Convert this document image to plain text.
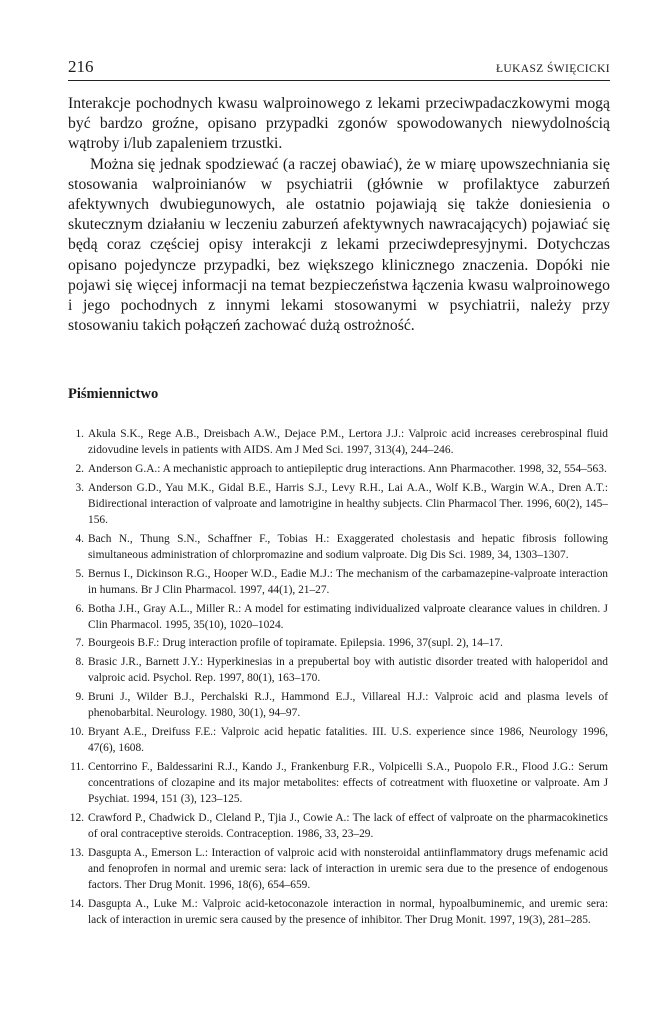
216	ŁUKASZ ŚWIĘCICKI

Interakcje pochodnych kwasu walproinowego z lekami przeciwpadaczkowymi mogą być bardzo groźne, opisano przypadki zgonów spowodowanych niewydolnością wątroby i/lub zapaleniem trzustki.

Można się jednak spodziewać (a raczej obawiać), że w miarę upowszechniania się stosowania walproinianów w psychiatrii (głównie w profilaktyce zaburzeń afektywnych dwubiegunowych, ale ostatnio pojawiają się także doniesienia o skutecznym działaniu w leczeniu zaburzeń afektywnych nawracających) pojawiać się będą coraz częściej opisy interakcji z lekami przeciwdepresyjnymi. Dotychczas opisano pojedyncze przypadki, bez większego klinicznego znaczenia. Dopóki nie pojawi się więcej informacji na temat bezpieczeństwa łączenia kwasu walproinowego i jego pochodnych z innymi lekami stosowanymi w psychiatrii, należy przy stosowaniu takich połączeń zachować dużą ostrożność.

Piśmiennictwo
1. Akula S.K., Rege A.B., Dreisbach A.W., Dejace P.M., Lertora J.J.: Valproic acid increases cerebrospinal fluid zidovudine levels in patients with AIDS. Am J Med Sci. 1997, 313(4), 244–246.
2. Anderson G.A.: A mechanistic approach to antiepileptic drug interactions. Ann Pharmacother. 1998, 32, 554–563.
3. Anderson G.D., Yau M.K., Gidal B.E., Harris S.J., Levy R.H., Lai A.A., Wolf K.B., Wargin W.A., Dren A.T.: Bidirectional interaction of valproate and lamotrigine in healthy subjects. Clin Pharmacol Ther. 1996, 60(2), 145–156.
4. Bach N., Thung S.N., Schaffner F., Tobias H.: Exaggerated cholestasis and hepatic fibrosis following simultaneous administration of chlorpromazine and sodium valproate. Dig Dis Sci. 1989, 34, 1303–1307.
5. Bernus I., Dickinson R.G., Hooper W.D., Eadie M.J.: The mechanism of the carbamazepine-valproate interaction in humans. Br J Clin Pharmacol. 1997, 44(1), 21–27.
6. Botha J.H., Gray A.L., Miller R.: A model for estimating individualized valproate clearance values in children. J Clin Pharmacol. 1995, 35(10), 1020–1024.
7. Bourgeois B.F.: Drug interaction profile of topiramate. Epilepsia. 1996, 37(supl. 2), 14–17.
8. Brasic J.R., Barnett J.Y.: Hyperkinesias in a prepubertal boy with autistic disorder treated with haloperidol and valproic acid. Psychol. Rep. 1997, 80(1), 163–170.
9. Bruni J., Wilder B.J., Perchalski R.J., Hammond E.J., Villareal H.J.: Valproic acid and plasma levels of phenobarbital. Neurology. 1980, 30(1), 94–97.
10. Bryant A.E., Dreifuss F.E.: Valproic acid hepatic fatalities. III. U.S. experience since 1986, Neurology 1996, 47(6), 1608.
11. Centorrino F., Baldessarini R.J., Kando J., Frankenburg F.R., Volpicelli S.A., Puopolo F.R., Flood J.G.: Serum concentrations of clozapine and its major metabolites: effects of cotreatment with fluoxetine or valproate. Am J Psychiat. 1994, 151 (3), 123–125.
12. Crawford P., Chadwick D., Cleland P., Tjia J., Cowie A.: The lack of effect of valproate on the pharmacokinetics of oral contraceptive steroids. Contraception. 1986, 33, 23–29.
13. Dasgupta A., Emerson L.: Interaction of valproic acid with nonsteroidal antiinflammatory drugs mefenamic acid and fenoprofen in normal and uremic sera: lack of interaction in uremic sera due to the presence of endogenous factors. Ther Drug Monit. 1996, 18(6), 654–659.
14. Dasgupta A., Luke M.: Valproic acid-ketoconazole interaction in normal, hypoalbuminemic, and uremic sera: lack of interaction in uremic sera caused by the presence of inhibitor. Ther Drug Monit. 1997, 19(3), 281–285.
